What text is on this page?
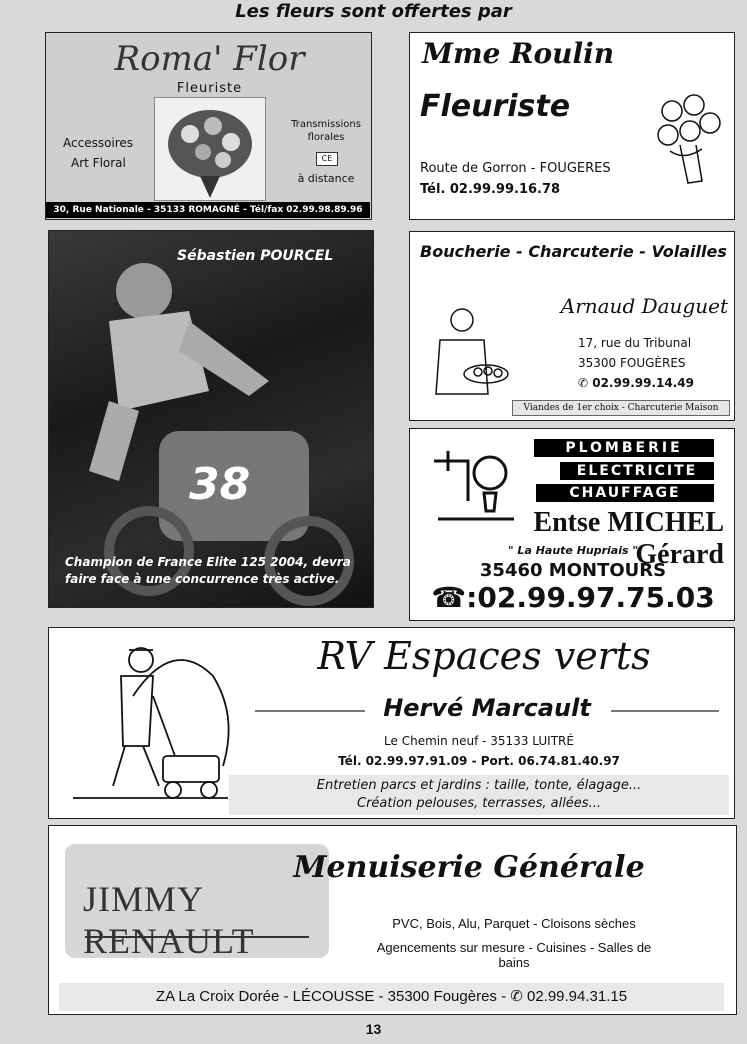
Les fleurs sont offertes par
Roma' Flor
Fleuriste
Accessoires
Art Floral
Transmissions
florales
CE
à distance
30, Rue Nationale - 35133 ROMAGNÉ - Tél/fax 02.99.98.89.96
Mme Roulin
Fleuriste
Route de Gorron - FOUGERES
Tél. 02.99.99.16.78
38
Sébastien POURCEL
Champion de France Elite 125 2004, devra faire face à une concurrence très active.
Boucherie - Charcuterie - Volailles
Arnaud Dauguet
17, rue du Tribunal
35300 FOUGÈRES
✆ 02.99.99.14.49
Viandes de 1er choix - Charcuterie Maison
PLOMBERIE
ELECTRICITE
CHAUFFAGE
Entse MICHEL Gérard
" La Haute Hupriais "
35460 MONTOURS
☎:02.99.97.75.03
RV Espaces verts
Hervé Marcault
Le Chemin neuf - 35133 LUITRÉ
Tél. 02.99.97.91.09 - Port. 06.74.81.40.97
Entretien parcs et jardins : taille, tonte, élagage...
Création pelouses, terrasses, allées...
JIMMY RENAULT
Menuiserie Générale
PVC, Bois, Alu, Parquet - Cloisons sèches
Agencements sur mesure - Cuisines - Salles de bains
ZA La Croix Dorée - LÉCOUSSE - 35300 Fougères - ✆ 02.99.94.31.15
13
